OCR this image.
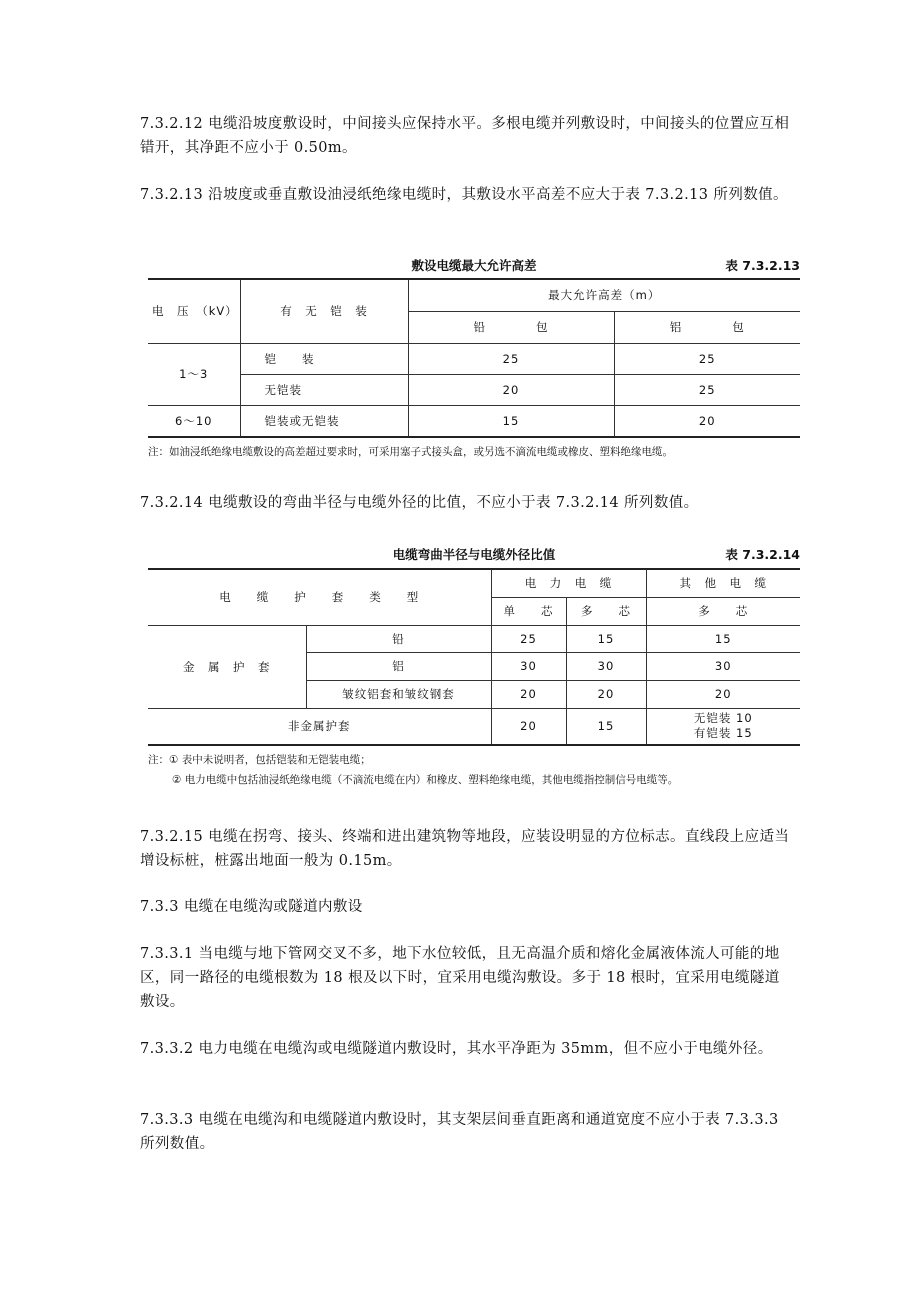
7.3.2.12 电缆沿坡度敷设时，中间接头应保持水平。多根电缆并列敷设时，中间接头的位置应互相错开，其净距不应小于 0.50m。

7.3.2.13 沿坡度或垂直敷设油浸纸绝缘电缆时，其敷设水平高差不应大于表 7.3.2.13 所列数值。

敷设电缆最大允许高差	表 7.3.2.13
电　压　（kV）	有　无　铠　装	最大允许高差（m）	
		铅　　　　包	铝　　　　包
1～3	铠　　装	25	25
	无铠装	20	25
6～10	铠装或无铠装	15	20
注：如油浸纸绝缘电缆敷设的高差超过要求时，可采用塞子式接头盒，或另选不滴流电缆或橡皮、塑料绝缘电缆。

7.3.2.14 电缆敷设的弯曲半径与电缆外径的比值，不应小于表 7.3.2.14 所列数值。

电缆弯曲半径与电缆外径比值	表 7.3.2.14
电　　缆　　护　　套　　类　　型		电　力　电　缆		其　他　电　缆
		单　　芯	多　　芯	多　　芯
金　属　护　套	铅	25	15	15
	铝	30	30	30
	皱纹铝套和皱纹钢套	20	20	20
非金属护套		20	15	无铠装 10
有铠装 15
注：① 表中未说明者，包括铠装和无铠装电缆；
② 电力电缆中包括油浸纸绝缘电缆（不滴流电缆在内）和橡皮、塑料绝缘电缆，其他电缆指控制信号电缆等。

7.3.2.15 电缆在拐弯、接头、终端和进出建筑物等地段，应装设明显的方位标志。直线段上应适当增设标桩，桩露出地面一般为 0.15m。

7.3.3 电缆在电缆沟或隧道内敷设

7.3.3.1 当电缆与地下管网交叉不多，地下水位较低，且无高温介质和熔化金属液体流人可能的地区，同一路径的电缆根数为 18 根及以下时，宜采用电缆沟敷设。多于 18 根时，宜采用电缆隧道敷设。

7.3.3.2 电力电缆在电缆沟或电缆隧道内敷设时，其水平净距为 35mm，但不应小于电缆外径。

7.3.3.3 电缆在电缆沟和电缆隧道内敷设时，其支架层间垂直距离和通道宽度不应小于表 7.3.3.3 所列数值。
